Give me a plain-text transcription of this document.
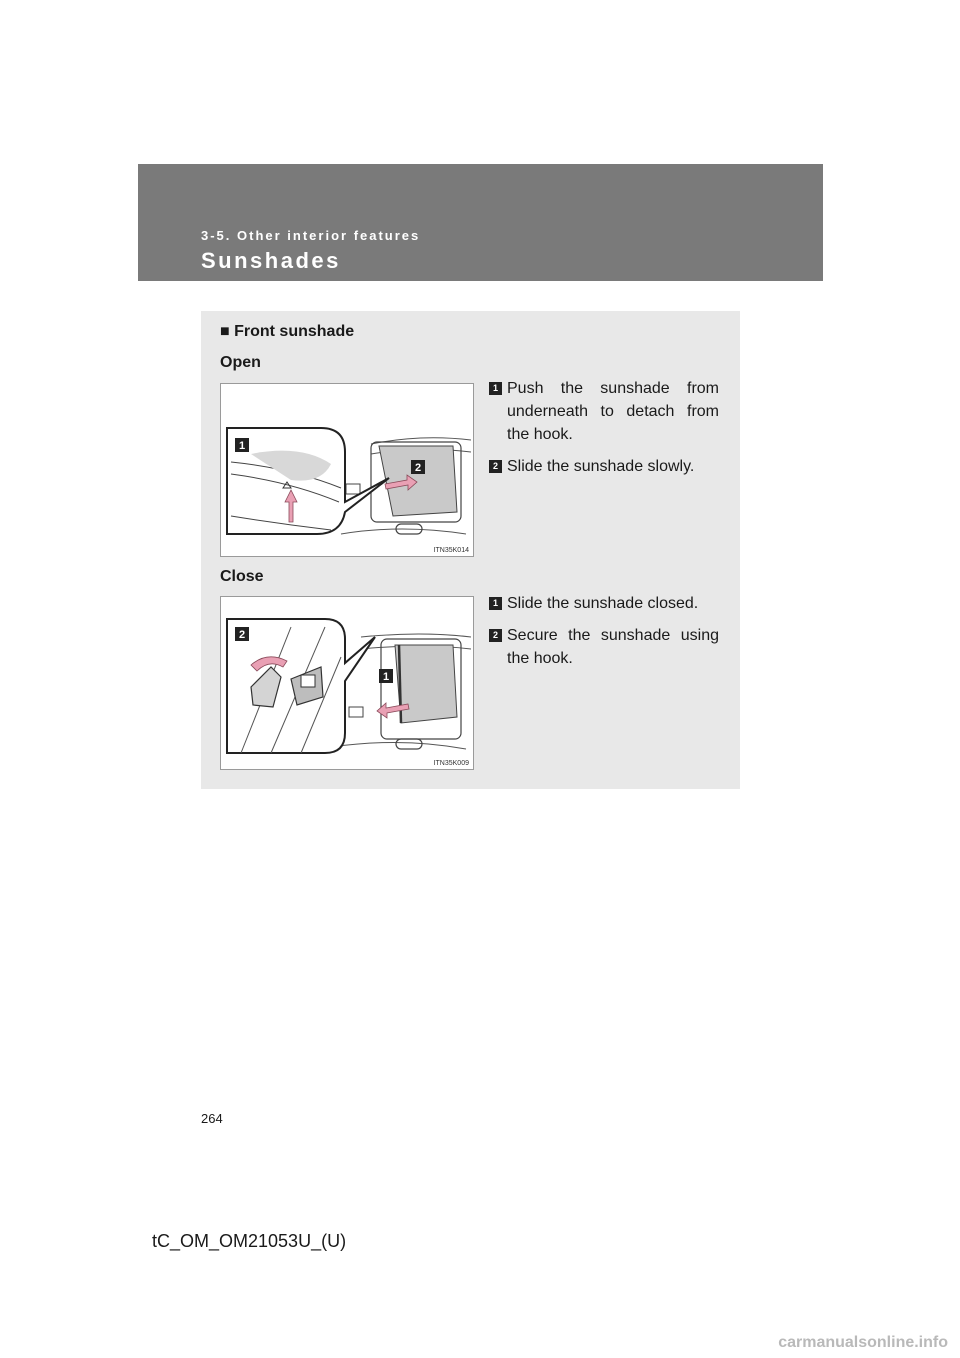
3-5. Other interior features
Sunshades
■ Front sunshade
Open
1
2
ITN35K014
1 Push the sunshade from underneath to detach from the hook.
2 Slide the sunshade slowly.
Close
2
1
ITN35K009
1 Slide the sunshade closed.
2 Secure the sunshade using the hook.
264
tC_OM_OM21053U_(U)
carmanualsonline.info
